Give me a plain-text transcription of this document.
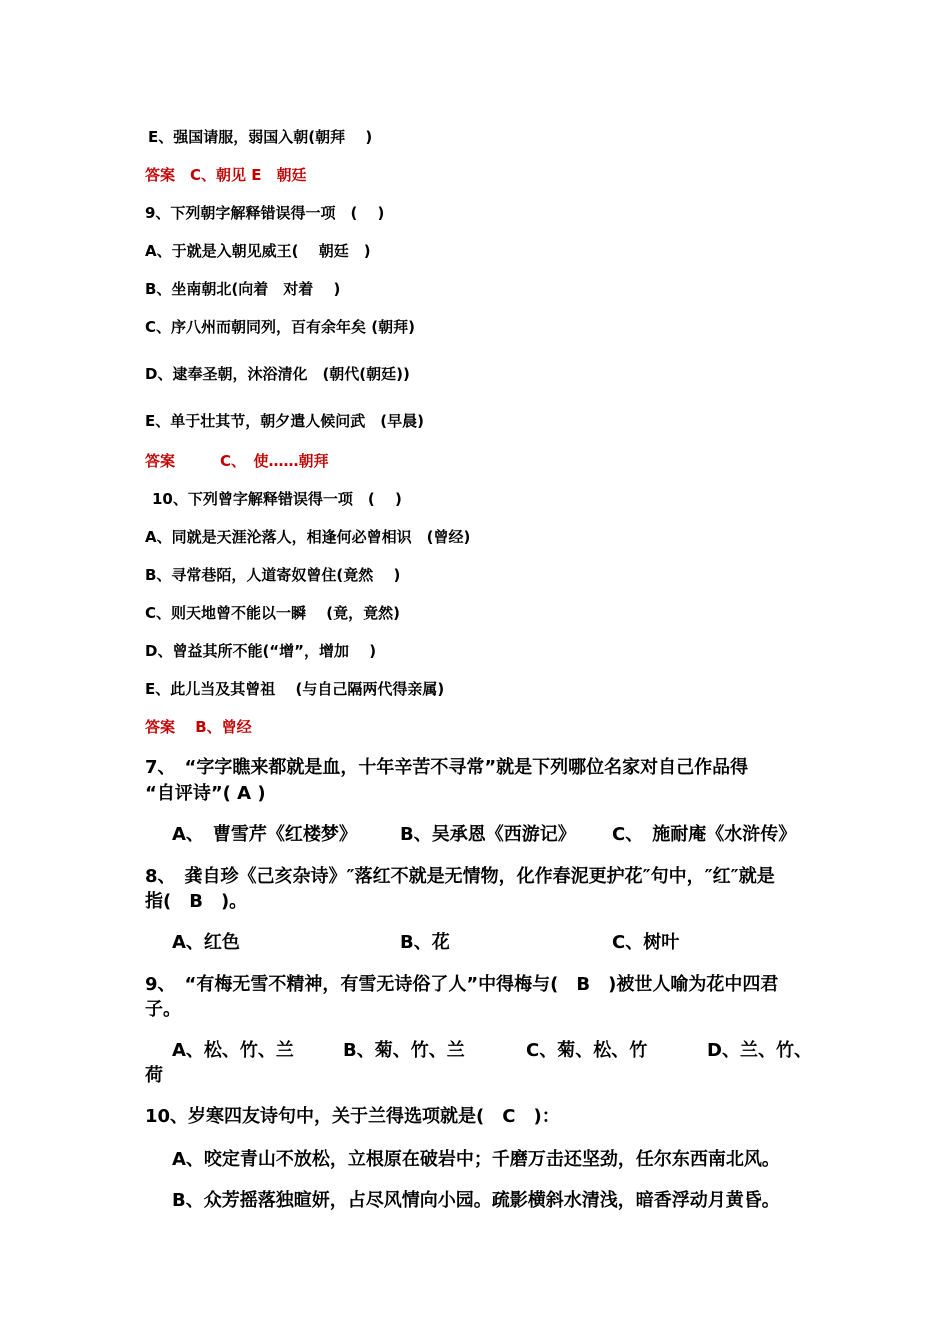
E、强国请服，弱国入朝(朝拜　 )
答案　C、朝见 E　朝廷
9、下列朝字解释错误得一项　(　 )
A、于就是入朝见威王(　 朝廷　)
B、坐南朝北(向着　对着　 )
C、序八州而朝同列，百有余年矣 (朝拜)
D、逮奉圣朝，沐浴清化　(朝代(朝廷))
E、单于壮其节，朝夕遣人候问武　(早晨)
答案　　　C、　使……朝拜
10、下列曾字解释错误得一项　(　 )
A、同就是天涯沦落人，相逢何必曾相识　(曾经)
B、寻常巷陌，人道寄奴曾住(竟然　 )
C、则天地曾不能以一瞬　 (竟，竟然)
D、曾益其所不能(“增”，增加　 )
E、此儿当及其曾祖　 (与自己隔两代得亲属)
答案　 B、曾经
7、　“字字瞧来都就是血，十年辛苦不寻常”就是下列哪位名家对自己作品得
“自评诗”( A )
A、　曹雪芹《红楼梦》 B、吴承恩《西游记》 C、　施耐庵《水浒传》
8、　龚自珍《己亥杂诗》″落红不就是无情物，化作春泥更护花″句中，″红″就是
指(　B　)。
A、红色	B、花	C、树叶
9、　“有梅无雪不精神，有雪无诗俗了人”中得梅与(　B　)被世人喻为花中四君
子。
A、松、竹、兰	B、菊、竹、兰	C、菊、松、竹	D、兰、竹、
荷
10、岁寒四友诗句中，关于兰得选项就是(　C　)：
A、咬定青山不放松，立根原在破岩中；千磨万击还坚劲，任尔东西南北风。
B、众芳摇落独暄妍，占尽风情向小园。疏影横斜水清浅，暗香浮动月黄昏。
